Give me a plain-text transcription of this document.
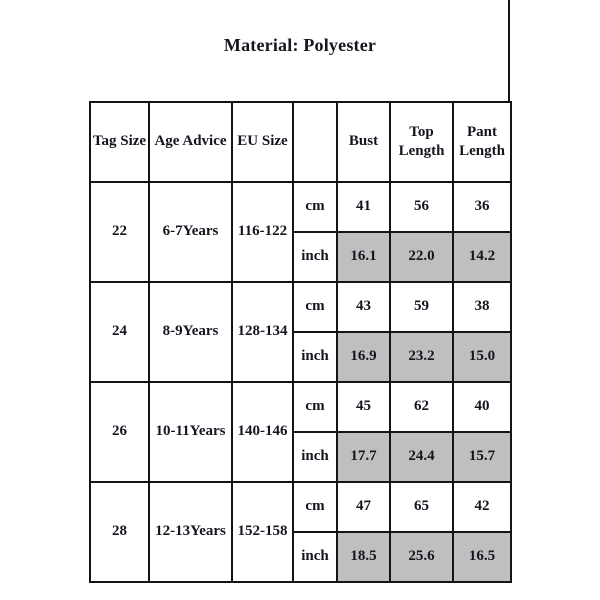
Material: Polyester
Tag Size	Age Advice	EU Size		Bust	Top Length	Pant Length
22	6-7Years	116-122	cm	41	56	36
			inch	16.1	22.0	14.2
24	8-9Years	128-134	cm	43	59	38
			inch	16.9	23.2	15.0
26	10-11Years	140-146	cm	45	62	40
			inch	17.7	24.4	15.7
28	12-13Years	152-158	cm	47	65	42
			inch	18.5	25.6	16.5
